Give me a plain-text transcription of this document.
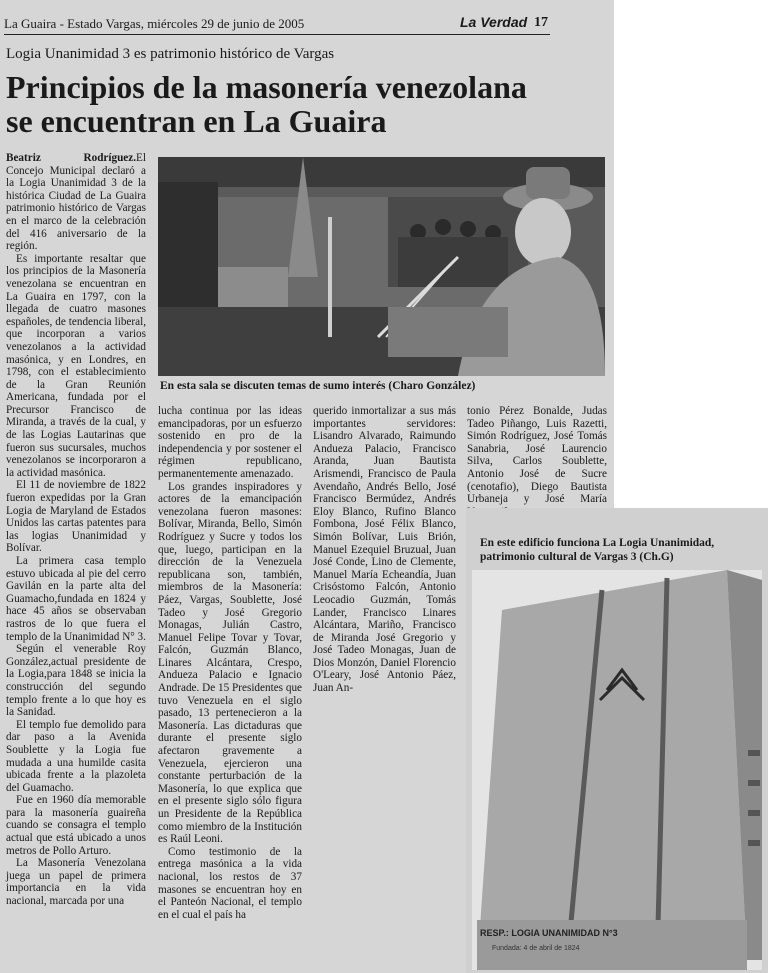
La Guaira - Estado Vargas, miércoles 29 de junio de 2005	La Verdad 17
Logia Unanimidad 3 es patrimonio histórico de Vargas
Principios de la masonería venezolana
se encuentran en La Guaira

Beatriz Rodríguez.El Concejo Municipal declaró a la Logia Unanimidad 3 de la histórica Ciudad de La Guaira patrimonio histórico de Vargas en el marco de la celebración del 416 aniversario de la región.

Es importante resaltar que los principios de la Masonería venezolana se encuentran en La Guaira en 1797, con la llegada de cuatro masones españoles, de tendencia liberal, que incorporan a varios venezolanos a la actividad masónica, y en Londres, en 1798, con el establecimiento de la Gran Reunión Americana, fundada por el Precursor Francisco de Miranda, a través de la cual, y de las Logias Lautarinas que fueron sus sucursales, muchos venezolanos se incorporaron a la actividad masónica.

El 11 de noviembre de 1822 fueron expedidas por la Gran Logia de Maryland de Estados Unidos las cartas patentes para las logias Unanimidad y Bolívar.

La primera casa templo estuvo ubicada al pie del cerro Gavilán en la parte alta del Guamacho,fundada en 1824 y hace 45 años se observaban rastros de lo que fuera el templo de la Unanimidad N° 3.

Según el venerable Roy González,actual presidente de la Logia,para 1848 se inicia la construcción del segundo templo frente a lo que hoy es la Sanidad.

El templo fue demolido para dar paso a la Avenida Soublette y la Logia fue mudada a una humilde casita ubicada frente a la plazoleta del Guamacho.

Fue en 1960 día memorable para la masonería guaireña cuando se consagra el templo actual que está ubicado a unos metros de Pollo Arturo.

La Masonería Venezolana juega un papel de primera importancia en la vida nacional, marcada por una

En esta sala se discuten temas de sumo interés (Charo González)

lucha continua por las ideas emancipadoras, por un esfuerzo sostenido en pro de la independencia y por sostener el régimen republicano, permanentemente amenazado.

Los grandes inspiradores y actores de la emancipación venezolana fueron masones: Bolívar, Miranda, Bello, Simón Rodríguez y Sucre y todos los que, luego, participan en la dirección de la Venezuela republicana son, también, miembros de la Masonería: Páez, Vargas, Soublette, José Tadeo y José Gregorio Monagas, Julián Castro, Manuel Felipe Tovar y Tovar, Falcón, Guzmán Blanco, Linares Alcántara, Crespo, Andueza Palacio e Ignacio Andrade. De 15 Presidentes que tuvo Venezuela en el siglo pasado, 13 pertenecieron a la Masonería. Las dictaduras que durante el presente siglo afectaron gravemente a Venezuela, ejercieron una constante perturbación de la Masonería, lo que explica que en el presente siglo sólo figura un Presidente de la República como miembro de la Institución es Raúl Leoni.

Como testimonio de la entrega masónica a la vida nacional, los restos de 37 masones se encuentran hoy en el Panteón Nacional, el templo en el cual el país ha

querido inmortalizar a sus más importantes servidores: Lisandro Alvarado, Raimundo Andueza Palacio, Francisco Aranda, Juan Bautista Arismendi, Francisco de Paula Avendaño, Andrés Bello, José Francisco Bermúdez, Andrés Eloy Blanco, Rufino Blanco Fombona, José Félix Blanco, Simón Bolívar, Luis Brión, Manuel Ezequiel Bruzual, Juan José Conde, Lino de Clemente, Manuel María Echeandía, Juan Crisóstomo Falcón, Antonio Leocadio Guzmán, Tomás Lander, Francisco Linares Alcántara, Mariño, Francisco de Miranda José Gregorio y José Tadeo Monagas, Juan de Dios Monzón, Daniel Florencio O'Leary, José Antonio Páez, Juan An-

tonio Pérez Bonalde, Judas Tadeo Piñango, Luis Razetti, Simón Rodríguez, José Tomás Sanabria, José Laurencio Silva, Carlos Soublette, Antonio José de Sucre (cenotafio), Diego Bautista Urbaneja y José María

En este edificio funciona La Logia Unanimidad, patrimonio cultural de Vargas 3 (Ch.G)
RESP.: LOGIA UNANIMIDAD N°3
Fundada: 4 de abril de 1824
